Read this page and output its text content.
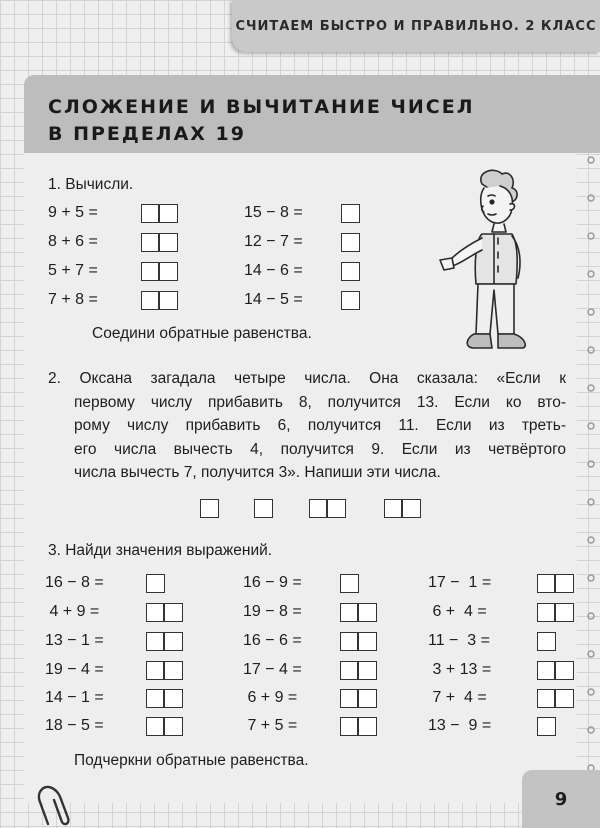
СЧИТАЕМ БЫСТРО И ПРАВИЛЬНО. 2 КЛАСС
СЛОЖЕНИЕ И ВЫЧИТАНИЕ ЧИСЕЛ
В ПРЕДЕЛАХ 19
1. Вычисли.
9 + 5 =
8 + 6 =
5 + 7 =
7 + 8 =
15 − 8 =
12 − 7 =
14 − 6 =
14 − 5 =
Соедини обратные равенства.
2. Оксана загадала четыре числа. Она сказала: «Если к
первому числу прибавить 8, получится 13. Если ко вто-
рому числу прибавить 6, получится 11. Если из треть-
его числа вычесть 4, получится 9. Если из четвёртого
числа вычесть 7, получится 3». Напиши эти числа.
3. Найди значения выражений.
16 − 8 =
4 + 9 =
13 − 1 =
19 − 4 =
14 − 1 =
18 − 5 =
16 − 9 =
19 − 8 =
16 − 6 =
17 − 4 =
6 + 9 =
7 + 5 =
17 −  1 =
6 +  4 =
11 −  3 =
3 + 13 =
7 +  4 =
13 −  9 =
Подчеркни обратные равенства.
9
